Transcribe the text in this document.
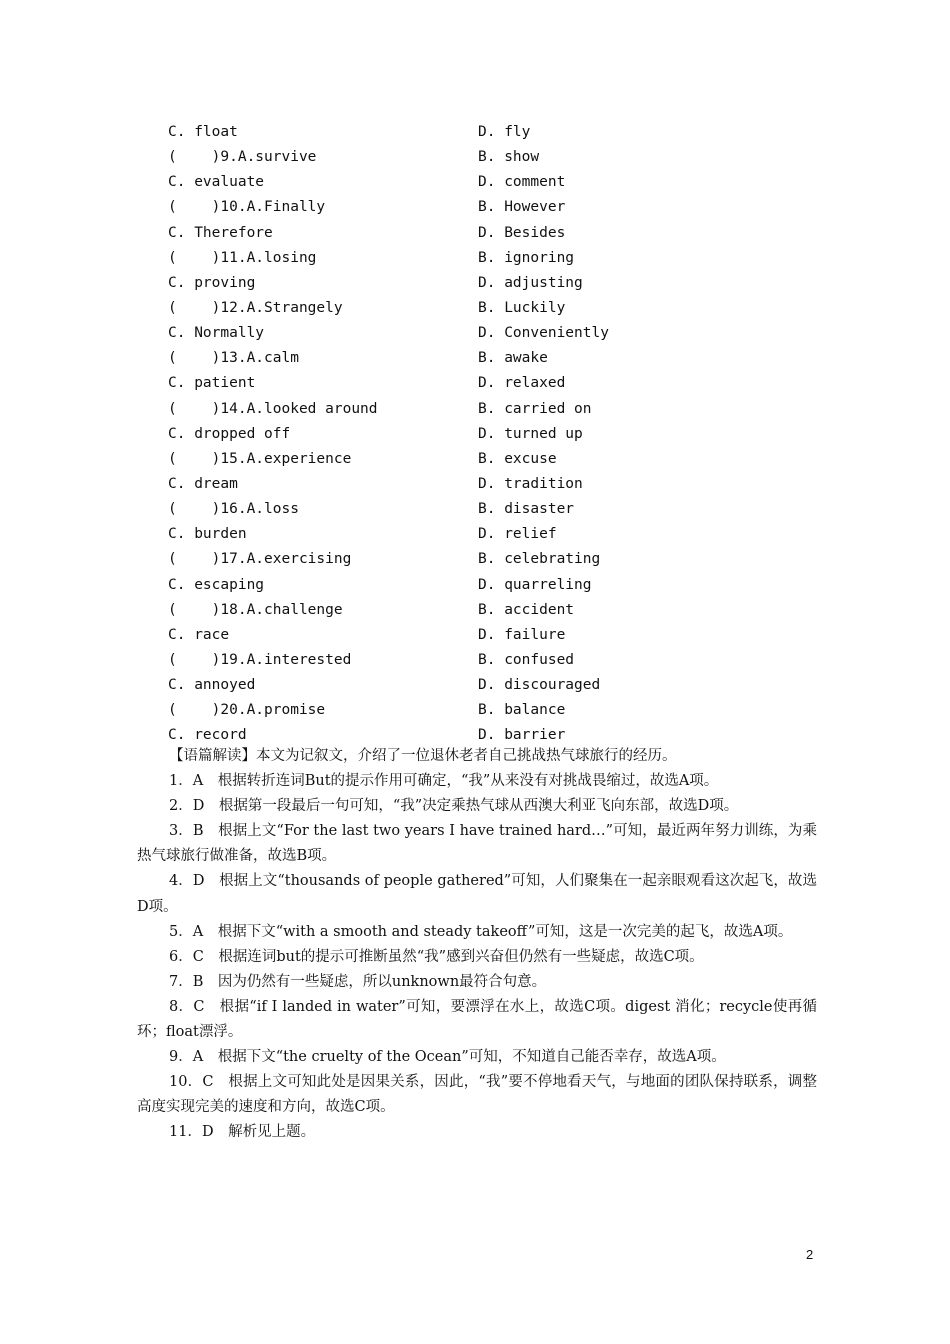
C. float	D. fly
(    )9.A.survive	B. show
C. evaluate	D. comment
(    )10.A.Finally	B. However
C. Therefore	D. Besides
(    )11.A.losing	B. ignoring
C. proving	D. adjusting
(    )12.A.Strangely	B. Luckily
C. Normally	D. Conveniently
(    )13.A.calm	B. awake
C. patient	D. relaxed
(    )14.A.looked around	B. carried on
C. dropped off	D. turned up
(    )15.A.experience	B. excuse
C. dream	D. tradition
(    )16.A.loss	B. disaster
C. burden	D. relief
(    )17.A.exercising	B. celebrating
C. escaping	D. quarreling
(    )18.A.challenge	B. accident
C. race	D. failure
(    )19.A.interested	B. confused
C. annoyed	D. discouraged
(    )20.A.promise	B. balance
C. record	D. barrier

【语篇解读】本文为记叙文，介绍了一位退休老者自己挑战热气球旅行的经历。

1．A　根据转折连词But的提示作用可确定，“我”从来没有对挑战畏缩过，故选A项。

2．D　根据第一段最后一句可知，“我”决定乘热气球从西澳大利亚飞向东部，故选D项。

3．B　根据上文“For the last two years I have trained hard…”可知，最近两年努力训练，为乘热气球旅行做准备，故选B项。

4．D　根据上文“thousands of people gathered”可知，人们聚集在一起亲眼观看这次起飞，故选D项。

5．A　根据下文“with a smooth and steady takeoff”可知，这是一次完美的起飞，故选A项。

6．C　根据连词but的提示可推断虽然“我”感到兴奋但仍然有一些疑虑，故选C项。

7．B　因为仍然有一些疑虑，所以unknown最符合句意。

8．C　根据“if I landed in water”可知，要漂浮在水上，故选C项。digest 消化；recycle使再循环；float漂浮。

9．A　根据下文“the cruelty of the Ocean”可知，不知道自己能否幸存，故选A项。

10．C　根据上文可知此处是因果关系，因此，“我”要不停地看天气，与地面的团队保持联系，调整高度实现完美的速度和方向，故选C项。

11．D　解析见上题。

2
